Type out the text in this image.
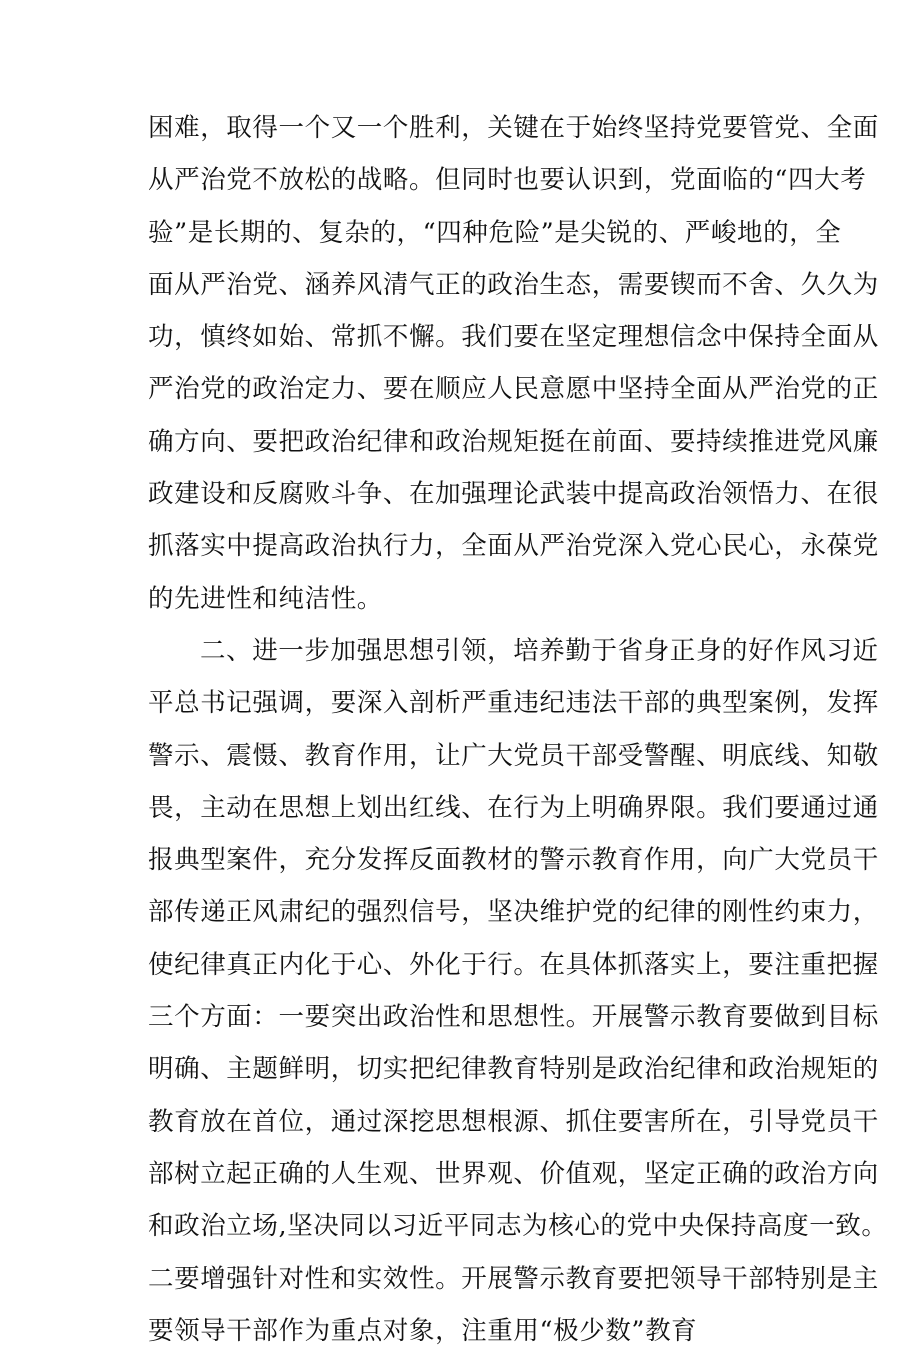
困难，取得一个又一个胜利，关键在于始终坚持党要管党、全面
从严治党不放松的战略。但同时也要认识到，党面临的“四大考
验”是长期的、复杂的，“四种危险”是尖锐的、严峻地的，全
面从严治党、涵养风清气正的政治生态，需要锲而不舍、久久为
功，慎终如始、常抓不懈。我们要在坚定理想信念中保持全面从
严治党的政治定力、要在顺应人民意愿中坚持全面从严治党的正
确方向、要把政治纪律和政治规矩挺在前面、要持续推进党风廉
政建设和反腐败斗争、在加强理论武装中提高政治领悟力、在很
抓落实中提高政治执行力，全面从严治党深入党心民心，永葆党
的先进性和纯洁性。
二、进一步加强思想引领，培养勤于省身正身的好作风习近
平总书记强调，要深入剖析严重违纪违法干部的典型案例，发挥
警示、震慑、教育作用，让广大党员干部受警醒、明底线、知敬
畏，主动在思想上划出红线、在行为上明确界限。我们要通过通
报典型案件，充分发挥反面教材的警示教育作用，向广大党员干
部传递正风肃纪的强烈信号，坚决维护党的纪律的刚性约束力，
使纪律真正内化于心、外化于行。在具体抓落实上，要注重把握
三个方面：一要突出政治性和思想性。开展警示教育要做到目标
明确、主题鲜明，切实把纪律教育特别是政治纪律和政治规矩的
教育放在首位，通过深挖思想根源、抓住要害所在，引导党员干
部树立起正确的人生观、世界观、价值观，坚定正确的政治方向
和政治立场,坚决同以习近平同志为核心的党中央保持高度一致。
二要增强针对性和实效性。开展警示教育要把领导干部特别是主
要领导干部作为重点对象，注重用“极少数”教育
